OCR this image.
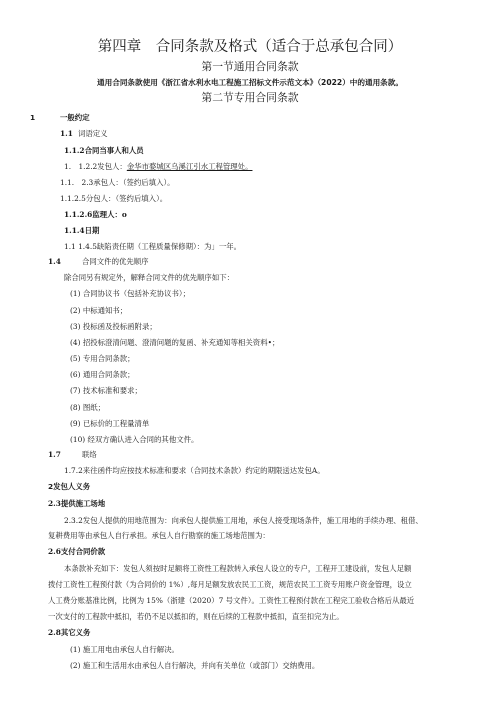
第四章　合同条款及格式（适合于总承包合同）
第一节通用合同条款
通用合同条款使用《浙江省水利水电工程施工招标文件示范文本》（2022）中的通用条款。
第二节专用合同条款
1	一般约定
1.1 词语定义
1.1.2合同当事人和人员
1.　1.2.2发包人：金华市婺城区乌溪江引水工程管理处。
1.1.　2.3承包人：（签约后填入）。
1.1.2.5分包人：（签约后填入）。
1.1.2.6监理人：o
1.1.4日期
1.1 1.4.5缺陷责任期（工程质量保修期）：为」一年。
1.4	合同文件的优先顺序
除合同另有规定外，解释合同文件的优先顺序如下：
(1) 合同协议书（包括补充协议书）；
(2) 中标通知书；
(3) 投标函及投标函附录；
(4) 招投标澄清问题、澄清问题的复函、补充通知等相关资料•；
(5) 专用合同条款；
(6) 通用合同条款；
(7) 技术标准和要求；
(8) 图纸；
(9) 已标价的工程量清单
(10) 经双方确认进入合同的其他文件。
1.7	联络
1.7.2来往函件均应按技术标准和要求（合同技术条款）约定的期限送达发包A。
2发包人义务
2.3提供施工场地
2.3.2发包人提供的用地范围为：向承包人提供施工用地，承包人接受现场条件，施工用地的手续办理、租借、
复耕费用等由承包人自行承担。承包人自行勘察的施工场地范围为：
2.6支付合同价款
本条款补充如下：发包人须按时足额将工资性工程款转入承包人设立的专户，工程开工建设前，发包人足额
拨付工资性工程预付款（为合同价的 1%）,每月足额发放农民工工资，规范农民工工资专用账户资金管理，设立
人工费分账基准比例，比例为 15%（浙建（2020）7 号文件）。工资性工程预付款在工程完工验收合格后从最近
一次支付的工程款中抵扣，若仍不足以抵扣的，则在后续的工程款中抵扣，直至扣完为止。
2.8其它义务
(1) 施工用电由承包人自行解决。
(2) 施工和生活用水由承包人自行解决，并向有关单位（或部门）交纳费用。
